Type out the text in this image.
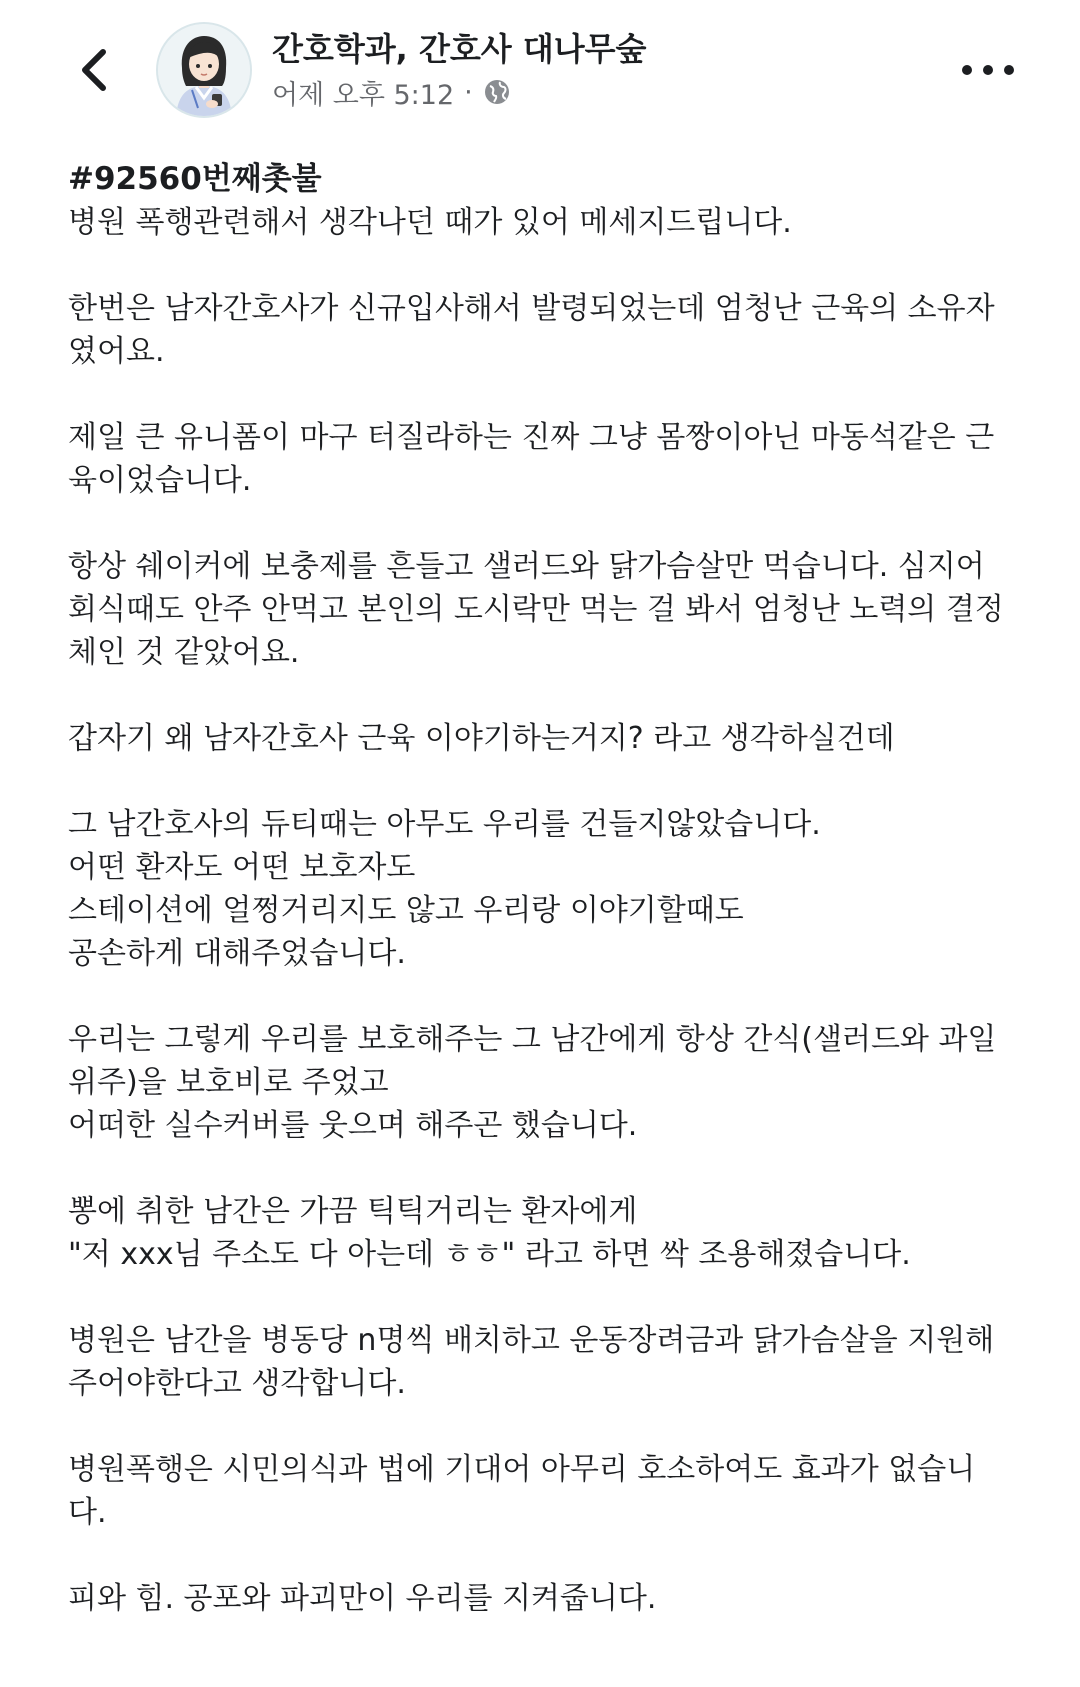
간호학과, 간호사 대나무숲
어제 오후 5:12 ·
#92560번째촛불

병원 폭행관련해서 생각나던 때가 있어 메세지드립니다.

한번은 남자간호사가 신규입사해서 발령되었는데 엄청난 근육의 소유자
였어요.

제일 큰 유니폼이 마구 터질라하는 진짜 그냥 몸짱이아닌 마동석같은 근
육이었습니다.

항상 쉐이커에 보충제를 흔들고 샐러드와 닭가슴살만 먹습니다. 심지어
회식때도 안주 안먹고 본인의 도시락만 먹는 걸 봐서 엄청난 노력의 결정
체인 것 같았어요.

갑자기 왜 남자간호사 근육 이야기하는거지? 라고 생각하실건데

그 남간호사의 듀티때는 아무도 우리를 건들지않았습니다.
어떤 환자도 어떤 보호자도
스테이션에 얼쩡거리지도 않고 우리랑 이야기할때도
공손하게 대해주었습니다.

우리는 그렇게 우리를 보호해주는 그 남간에게 항상 간식(샐러드와 과일
위주)을 보호비로 주었고
어떠한 실수커버를 웃으며 해주곤 했습니다.

뽕에 취한 남간은 가끔 틱틱거리는 환자에게
"저 xxx님 주소도 다 아는데 ㅎㅎ" 라고 하면 싹 조용해졌습니다.

병원은 남간을 병동당 n명씩 배치하고 운동장려금과 닭가슴살을 지원해
주어야한다고 생각합니다.

병원폭행은 시민의식과 법에 기대어 아무리 호소하여도 효과가 없습니
다.

피와 힘. 공포와 파괴만이 우리를 지켜줍니다.
